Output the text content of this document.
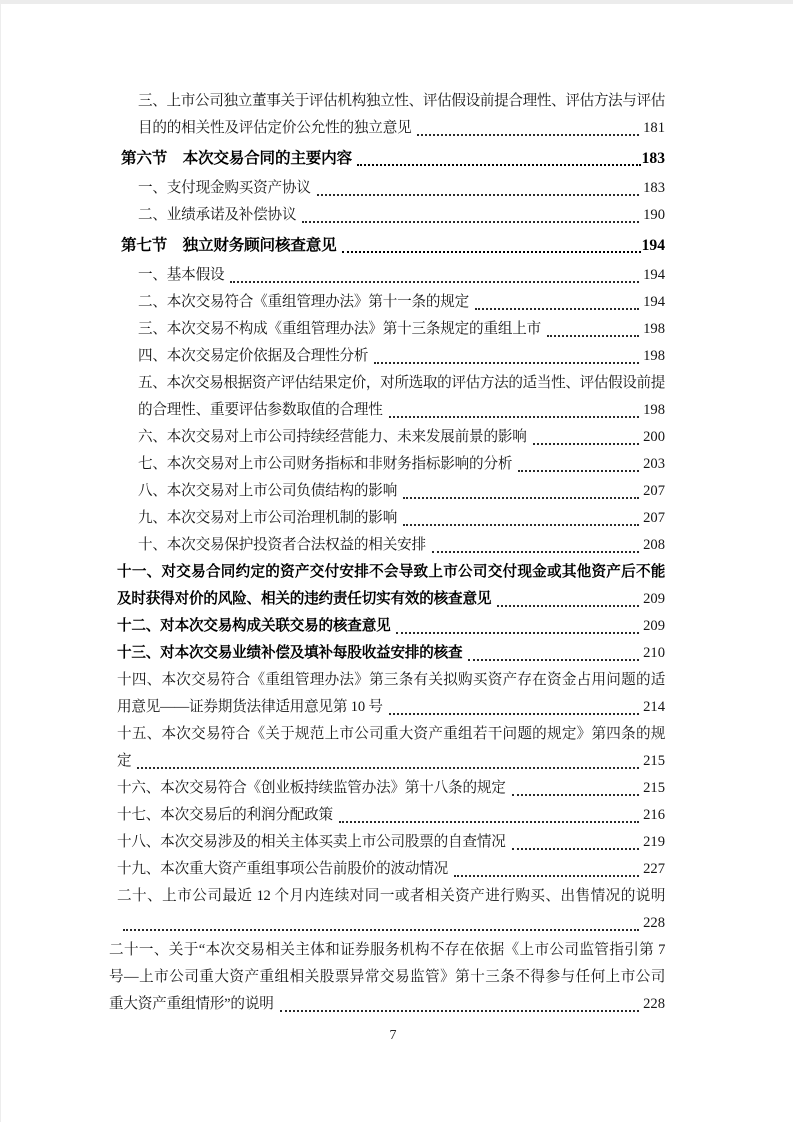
三、上市公司独立董事关于评估机构独立性、评估假设前提合理性、评估方法与评估
目的的相关性及评估定价公允性的独立意见	181
第六节　本次交易合同的主要内容	183
一、支付现金购买资产协议	183
二、业绩承诺及补偿协议	190
第七节　独立财务顾问核查意见	194
一、基本假设	194
二、本次交易符合《重组管理办法》第十一条的规定	194
三、本次交易不构成《重组管理办法》第十三条规定的重组上市	198
四、本次交易定价依据及合理性分析	198
五、本次交易根据资产评估结果定价，对所选取的评估方法的适当性、评估假设前提
的合理性、重要评估参数取值的合理性	198
六、本次交易对上市公司持续经营能力、未来发展前景的影响	200
七、本次交易对上市公司财务指标和非财务指标影响的分析	203
八、本次交易对上市公司负债结构的影响	207
九、本次交易对上市公司治理机制的影响	207
十、本次交易保护投资者合法权益的相关安排	208
十一、对交易合同约定的资产交付安排不会导致上市公司交付现金或其他资产后不能
及时获得对价的风险、相关的违约责任切实有效的核查意见	209
十二、对本次交易构成关联交易的核查意见	209
十三、对本次交易业绩补偿及填补每股收益安排的核查	210
十四、本次交易符合《重组管理办法》第三条有关拟购买资产存在资金占用问题的适
用意见——证券期货法律适用意见第 10 号	214
十五、本次交易符合《关于规范上市公司重大资产重组若干问题的规定》第四条的规
定	215
十六、本次交易符合《创业板持续监管办法》第十八条的规定	215
十七、本次交易后的利润分配政策	216
十八、本次交易涉及的相关主体买卖上市公司股票的自查情况	219
十九、本次重大资产重组事项公告前股价的波动情况	227
二十、上市公司最近 12 个月内连续对同一或者相关资产进行购买、出售情况的说明
228
二十一、关于“本次交易相关主体和证券服务机构不存在依据《上市公司监管指引第 7
号—上市公司重大资产重组相关股票异常交易监管》第十三条不得参与任何上市公司
重大资产重组情形”的说明	228
7
